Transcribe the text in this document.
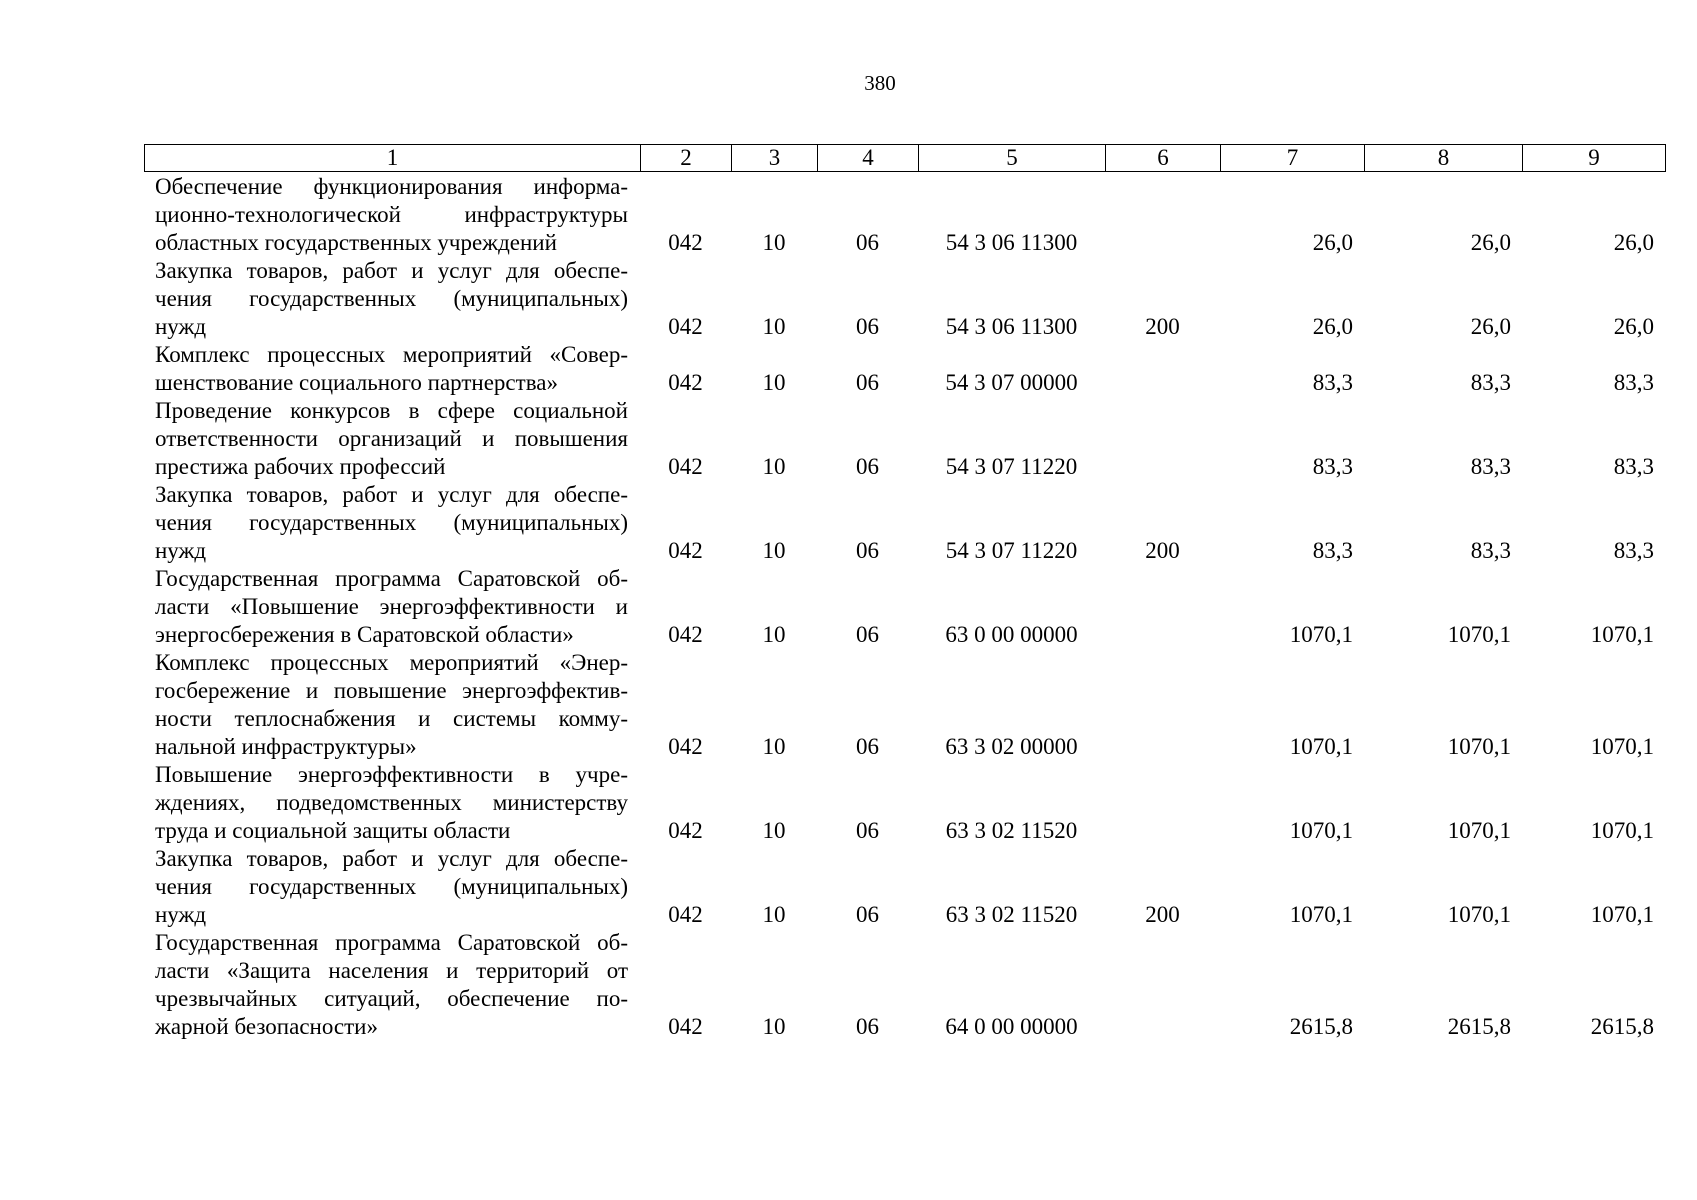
380
1	2	3	4	5	6	7	8	9
Обеспечение функционирования информа-
ционно-технологической инфраструктуры
областных государственных учреждений	042	10	06	54 3 06 11300		26,0	26,0	26,0

Закупка товаров, работ и услуг для обеспе-
чения государственных (муниципальных)
нужд	042	10	06	54 3 06 11300	200	26,0	26,0	26,0

Комплекс процессных мероприятий «Совер-
шенствование социального партнерства»	042	10	06	54 3 07 00000		83,3	83,3	83,3

Проведение конкурсов в сфере социальной
ответственности организаций и повышения
престижа рабочих профессий	042	10	06	54 3 07 11220		83,3	83,3	83,3

Закупка товаров, работ и услуг для обеспе-
чения государственных (муниципальных)
нужд	042	10	06	54 3 07 11220	200	83,3	83,3	83,3

Государственная программа Саратовской об-
ласти «Повышение энергоэффективности и
энергосбережения в Саратовской области»	042	10	06	63 0 00 00000		1070,1	1070,1	1070,1

Комплекс процессных мероприятий «Энер-
госбережение и повышение энергоэффектив-
ности теплоснабжения и системы комму-
нальной инфраструктуры»	042	10	06	63 3 02 00000		1070,1	1070,1	1070,1

Повышение энергоэффективности в учре-
ждениях, подведомственных министерству
труда и социальной защиты области	042	10	06	63 3 02 11520		1070,1	1070,1	1070,1

Закупка товаров, работ и услуг для обеспе-
чения государственных (муниципальных)
нужд	042	10	06	63 3 02 11520	200	1070,1	1070,1	1070,1

Государственная программа Саратовской об-
ласти «Защита населения и территорий от
чрезвычайных ситуаций, обеспечение по-
жарной безопасности»	042	10	06	64 0 00 00000		2615,8	2615,8	2615,8
